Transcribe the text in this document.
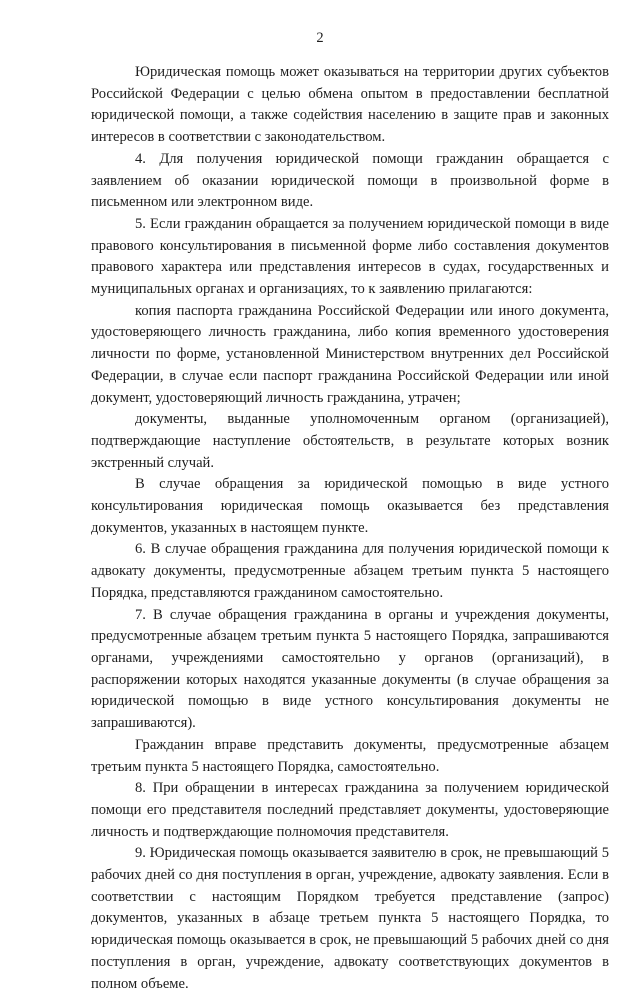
2

Юридическая помощь может оказываться на территории других субъектов Российской Федерации с целью обмена опытом в предоставлении бесплатной юридической помощи, а также содействия населению в защите прав и законных интересов в соответствии с законодательством.

4. Для получения юридической помощи гражданин обращается с заявлением об оказании юридической помощи в произвольной форме в письменном или электронном виде.

5. Если гражданин обращается за получением юридической помощи в виде правового консультирования в письменной форме либо составления документов правового характера или представления интересов в судах, государственных и муниципальных органах и организациях, то к заявлению прилагаются:

копия паспорта гражданина Российской Федерации или иного документа, удостоверяющего личность гражданина, либо копия временного удостоверения личности по форме, установленной Министерством внутренних дел Российской Федерации, в случае если паспорт гражданина Российской Федерации или иной документ, удостоверяющий личность гражданина, утрачен;

документы, выданные уполномоченным органом (организацией), подтверждающие наступление обстоятельств, в результате которых возник экстренный случай.

В случае обращения за юридической помощью в виде устного консультирования юридическая помощь оказывается без представления документов, указанных в настоящем пункте.

6. В случае обращения гражданина для получения юридической помощи к адвокату документы, предусмотренные абзацем третьим пункта 5 настоящего Порядка, представляются гражданином самостоятельно.

7. В случае обращения гражданина в органы и учреждения документы, предусмотренные абзацем третьим пункта 5 настоящего Порядка, запрашиваются органами, учреждениями самостоятельно у органов (организаций), в распоряжении которых находятся указанные документы (в случае обращения за юридической помощью в виде устного консультирования документы не запрашиваются).

Гражданин вправе представить документы, предусмотренные абзацем третьим пункта 5 настоящего Порядка, самостоятельно.

8. При обращении в интересах гражданина за получением юридической помощи его представителя последний представляет документы, удостоверяющие личность и подтверждающие полномочия представителя.

9. Юридическая помощь оказывается заявителю в срок, не превышающий 5 рабочих дней со дня поступления в орган, учреждение, адвокату заявления. Если в соответствии с настоящим Порядком требуется представление (запрос) документов, указанных в абзаце третьем пункта 5 настоящего Порядка, то юридическая помощь оказывается в срок, не превышающий 5 рабочих дней со дня поступления в орган, учреждение, адвокату соответствующих документов в полном объеме.
